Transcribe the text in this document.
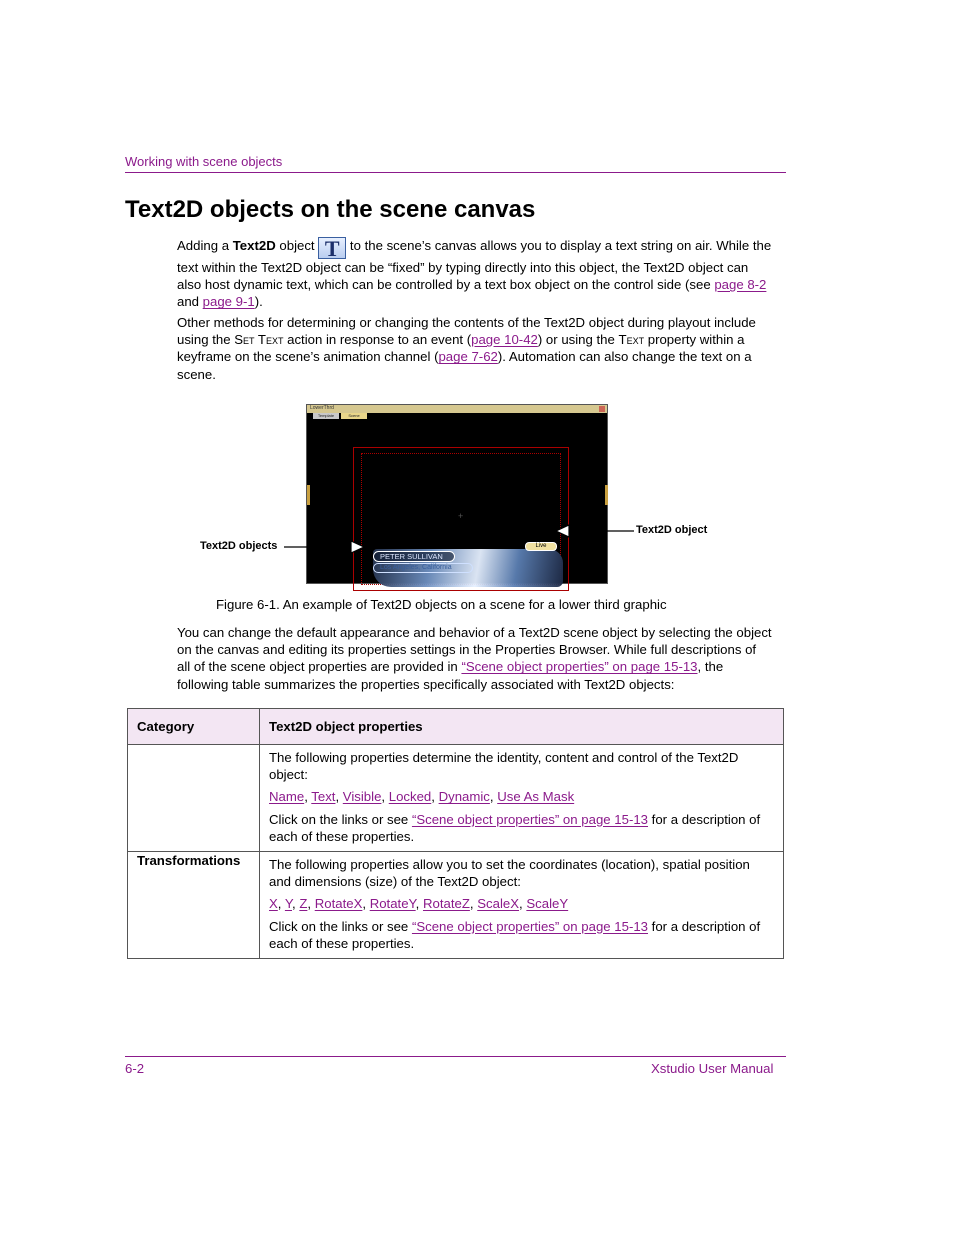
Working with scene objects
Text2D objects on the scene canvas

Adding a Text2D object T to the scene’s canvas allows you to display a text string on air. While the text within the Text2D object can be “fixed” by typing directly into this object, the Text2D object can also host dynamic text, which can be controlled by a text box object on the control side (see page 8-2 and page 9-1).

Other methods for determining or changing the contents of the Text2D object during playout include using the Set Text action in response to an event (page 10-42) or using the Text property within a keyframe on the scene’s animation channel (page 7-62). Automation can also change the text on a scene.

LowerThrd
Template	Scene
+
PETER SULLIVAN
Los Angeles, California
Live
Text2D objects
Text2D object
Figure 6-1. An example of Text2D objects on a scene for a lower third graphic

You can change the default appearance and behavior of a Text2D scene object by selecting the object on the canvas and editing its properties settings in the Properties Browser. While full descriptions of all of the scene object properties are provided in “Scene object properties” on page 15-13, the following table summarizes the properties specifically associated with Text2D objects:

Category	Text2D object properties

	The following properties determine the identity, content and control of the Text2D object:

Name, Text, Visible, Locked, Dynamic, Use As Mask

Click on the links or see “Scene object properties” on page 15-13 for a description of each of these properties.

Transformations	The following properties allow you to set the coordinates (location), spatial position and dimensions (size) of the Text2D object:

X, Y, Z, RotateX, RotateY, RotateZ, ScaleX, ScaleY

Click on the links or see “Scene object properties” on page 15-13 for a description of each of these properties.

6-2	Xstudio User Manual
